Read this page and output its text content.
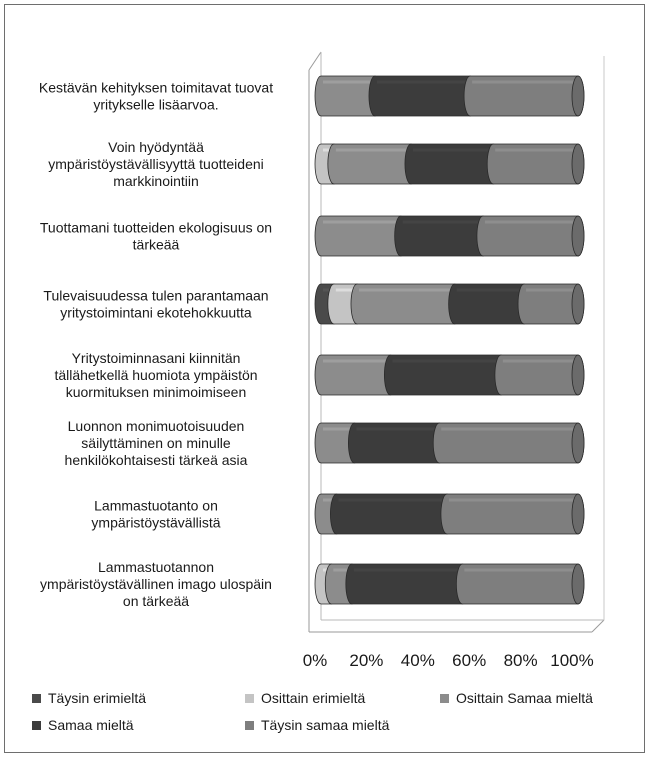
0% 20% 40% 60% 80% 100%
Kestävän kehityksen toimitavat tuovat yritykselle lisäarvoa.
Voin hyödyntää ympäristöystävällisyyttä tuotteideni markkinointiin
Tuottamani tuotteiden ekologisuus on tärkeää
Tulevaisuudessa tulen parantamaan yritystoimintani ekotehokkuutta
Yritystoiminnasani kiinnitän tällähetkellä huomiota ympäistön kuormituksen minimoimiseen
Luonnon monimuotoisuuden säilyttäminen on minulle henkilökohtaisesti tärkeä asia
Lammastuotanto on ympäristöystävällistä
Lammastuotannon ympäristöystävällinen imago ulospäin on tärkeää
Täysin erimieltä	Osittain erimieltä	Osittain Samaa mieltä
Samaa mieltä	Täysin samaa mieltä
